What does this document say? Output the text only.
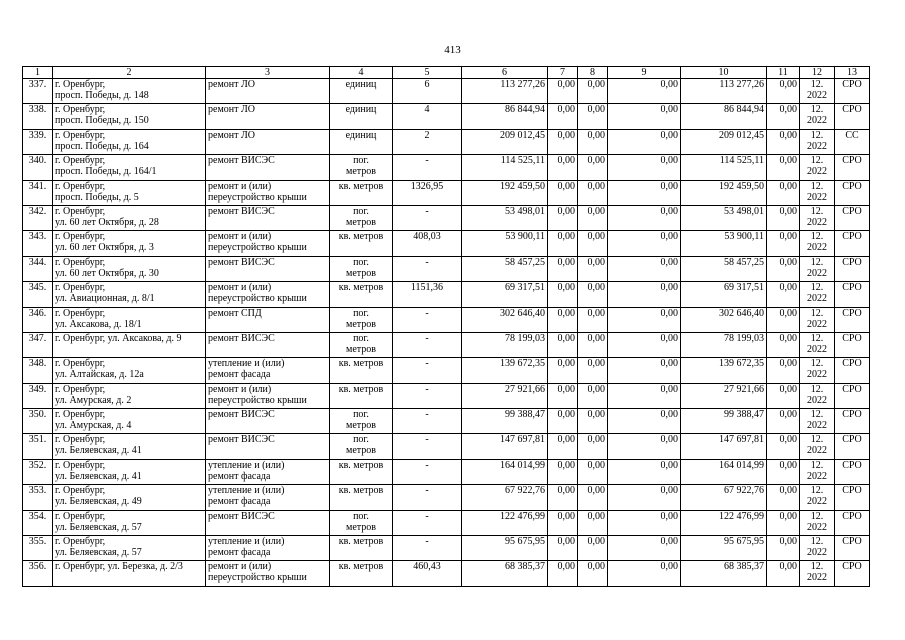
413
1	2	3	4	5	6	7	8	9	10	11	12	13
337.	г. Оренбург,
просп. Победы, д. 148	ремонт ЛО	единиц	6	113 277,26	0,00	0,00	0,00	113 277,26	0,00	12.
2022	СРО
338.	г. Оренбург,
просп. Победы, д. 150	ремонт ЛО	единиц	4	86 844,94	0,00	0,00	0,00	86 844,94	0,00	12.
2022	СРО
339.	г. Оренбург,
просп. Победы, д. 164	ремонт ЛО	единиц	2	209 012,45	0,00	0,00	0,00	209 012,45	0,00	12.
2022	СС
340.	г. Оренбург,
просп. Победы, д. 164/1	ремонт ВИСЭС	пог.
метров	-	114 525,11	0,00	0,00	0,00	114 525,11	0,00	12.
2022	СРО
341.	г. Оренбург,
просп. Победы, д. 5	ремонт и (или)
переустройство крыши	кв. метров	1326,95	192 459,50	0,00	0,00	0,00	192 459,50	0,00	12.
2022	СРО
342.	г. Оренбург,
ул. 60 лет Октября, д. 28	ремонт ВИСЭС	пог.
метров	-	53 498,01	0,00	0,00	0,00	53 498,01	0,00	12.
2022	СРО
343.	г. Оренбург,
ул. 60 лет Октября, д. 3	ремонт и (или)
переустройство крыши	кв. метров	408,03	53 900,11	0,00	0,00	0,00	53 900,11	0,00	12.
2022	СРО
344.	г. Оренбург,
ул. 60 лет Октября, д. 30	ремонт ВИСЭС	пог.
метров	-	58 457,25	0,00	0,00	0,00	58 457,25	0,00	12.
2022	СРО
345.	г. Оренбург,
ул. Авиационная, д. 8/1	ремонт и (или)
переустройство крыши	кв. метров	1151,36	69 317,51	0,00	0,00	0,00	69 317,51	0,00	12.
2022	СРО
346.	г. Оренбург,
ул. Аксакова, д. 18/1	ремонт СПД	пог.
метров	-	302 646,40	0,00	0,00	0,00	302 646,40	0,00	12.
2022	СРО
347.	г. Оренбург, ул. Аксакова, д. 9	ремонт ВИСЭС	пог.
метров	-	78 199,03	0,00	0,00	0,00	78 199,03	0,00	12.
2022	СРО
348.	г. Оренбург,
ул. Алтайская, д. 12а	утепление и (или)
ремонт фасада	кв. метров	-	139 672,35	0,00	0,00	0,00	139 672,35	0,00	12.
2022	СРО
349.	г. Оренбург,
ул. Амурская, д. 2	ремонт и (или)
переустройство крыши	кв. метров	-	27 921,66	0,00	0,00	0,00	27 921,66	0,00	12.
2022	СРО
350.	г. Оренбург,
ул. Амурская, д. 4	ремонт ВИСЭС	пог.
метров	-	99 388,47	0,00	0,00	0,00	99 388,47	0,00	12.
2022	СРО
351.	г. Оренбург,
ул. Беляевская, д. 41	ремонт ВИСЭС	пог.
метров	-	147 697,81	0,00	0,00	0,00	147 697,81	0,00	12.
2022	СРО
352.	г. Оренбург,
ул. Беляевская, д. 41	утепление и (или)
ремонт фасада	кв. метров	-	164 014,99	0,00	0,00	0,00	164 014,99	0,00	12.
2022	СРО
353.	г. Оренбург,
ул. Беляевская, д. 49	утепление и (или)
ремонт фасада	кв. метров	-	67 922,76	0,00	0,00	0,00	67 922,76	0,00	12.
2022	СРО
354.	г. Оренбург,
ул. Беляевская, д. 57	ремонт ВИСЭС	пог.
метров	-	122 476,99	0,00	0,00	0,00	122 476,99	0,00	12.
2022	СРО
355.	г. Оренбург,
ул. Беляевская, д. 57	утепление и (или)
ремонт фасада	кв. метров	-	95 675,95	0,00	0,00	0,00	95 675,95	0,00	12.
2022	СРО
356.	г. Оренбург, ул. Березка, д. 2/3	ремонт и (или)
переустройство крыши	кв. метров	460,43	68 385,37	0,00	0,00	0,00	68 385,37	0,00	12.
2022	СРО
